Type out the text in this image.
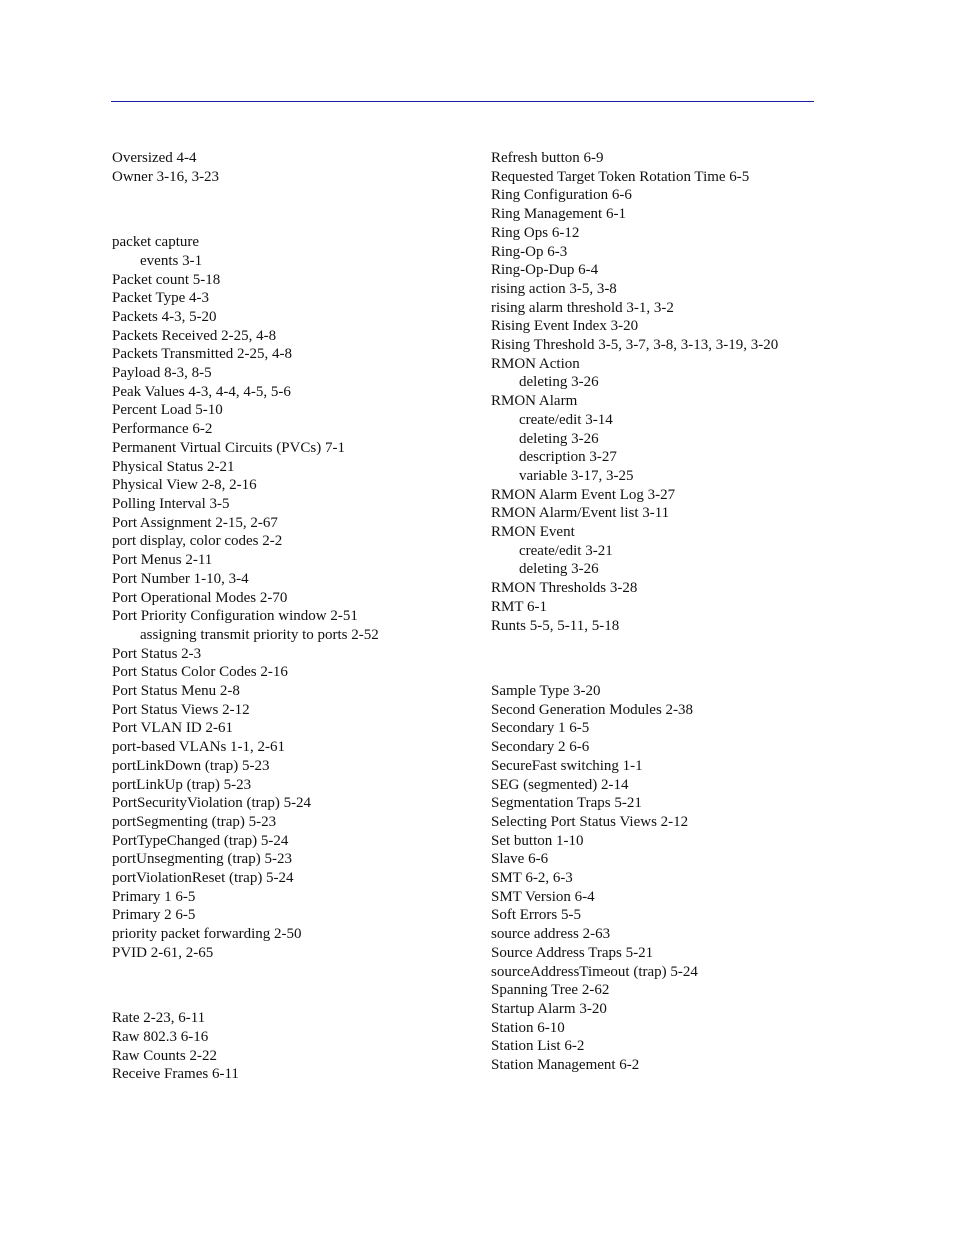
Oversized 4-4
Owner 3-16, 3-23
packet capture
events 3-1
Packet count 5-18
Packet Type 4-3
Packets 4-3, 5-20
Packets Received 2-25, 4-8
Packets Transmitted 2-25, 4-8
Payload 8-3, 8-5
Peak Values 4-3, 4-4, 4-5, 5-6
Percent Load 5-10
Performance 6-2
Permanent Virtual Circuits (PVCs) 7-1
Physical Status 2-21
Physical View 2-8, 2-16
Polling Interval 3-5
Port Assignment 2-15, 2-67
port display, color codes 2-2
Port Menus 2-11
Port Number 1-10, 3-4
Port Operational Modes 2-70
Port Priority Configuration window 2-51
assigning transmit priority to ports 2-52
Port Status 2-3
Port Status Color Codes 2-16
Port Status Menu 2-8
Port Status Views 2-12
Port VLAN ID 2-61
port-based VLANs 1-1, 2-61
portLinkDown (trap) 5-23
portLinkUp (trap) 5-23
PortSecurityViolation (trap) 5-24
portSegmenting (trap) 5-23
PortTypeChanged (trap) 5-24
portUnsegmenting (trap) 5-23
portViolationReset (trap) 5-24
Primary 1 6-5
Primary 2 6-5
priority packet forwarding 2-50
PVID 2-61, 2-65
Rate 2-23, 6-11
Raw 802.3 6-16
Raw Counts 2-22
Receive Frames 6-11
Refresh button 6-9
Requested Target Token Rotation Time 6-5
Ring Configuration 6-6
Ring Management 6-1
Ring Ops 6-12
Ring-Op 6-3
Ring-Op-Dup 6-4
rising action 3-5, 3-8
rising alarm threshold 3-1, 3-2
Rising Event Index 3-20
Rising Threshold 3-5, 3-7, 3-8, 3-13, 3-19, 3-20
RMON Action
deleting 3-26
RMON Alarm
create/edit 3-14
deleting 3-26
description 3-27
variable 3-17, 3-25
RMON Alarm Event Log 3-27
RMON Alarm/Event list 3-11
RMON Event
create/edit 3-21
deleting 3-26
RMON Thresholds 3-28
RMT 6-1
Runts 5-5, 5-11, 5-18
Sample Type 3-20
Second Generation Modules 2-38
Secondary 1 6-5
Secondary 2 6-6
SecureFast switching 1-1
SEG (segmented) 2-14
Segmentation Traps 5-21
Selecting Port Status Views 2-12
Set button 1-10
Slave 6-6
SMT 6-2, 6-3
SMT Version 6-4
Soft Errors 5-5
source address 2-63
Source Address Traps 5-21
sourceAddressTimeout (trap) 5-24
Spanning Tree 2-62
Startup Alarm 3-20
Station 6-10
Station List 6-2
Station Management 6-2
